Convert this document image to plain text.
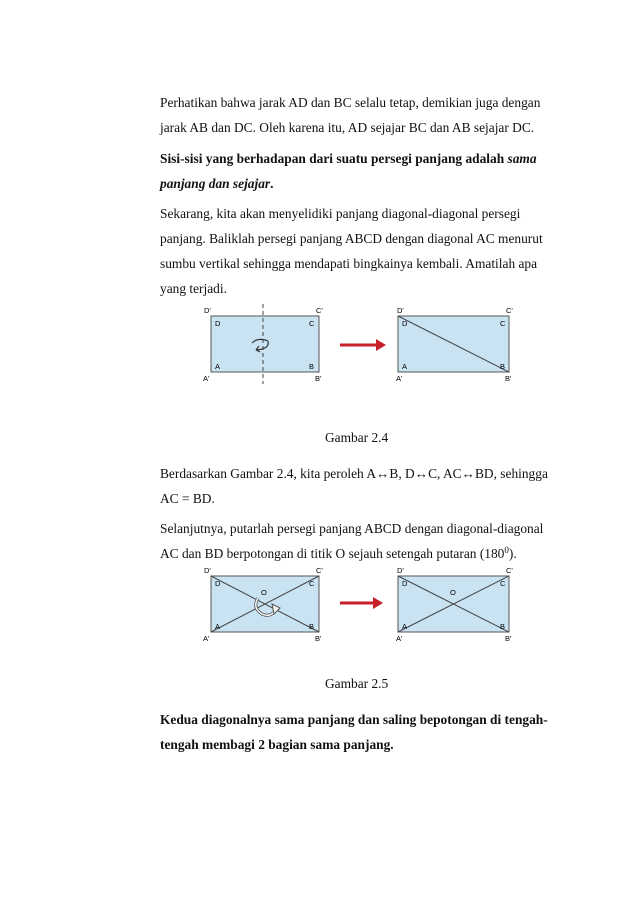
Perhatikan bahwa jarak AD dan BC selalu tetap, demikian juga dengan jarak AB dan DC. Oleh karena itu, AD sejajar BC dan AB sejajar DC.

Sisi-sisi yang berhadapan dari suatu persegi panjang adalah sama panjang dan sejajar.

Sekarang, kita akan menyelidiki panjang diagonal-diagonal persegi panjang. Baliklah persegi panjang ABCD dengan diagonal AC menurut sumbu vertikal sehingga mendapati bingkainya kembali. Amatilah apa yang terjadi.

D'	C'
A'	B'
D	C
A	B
D'	C'
A'	B'
D	C
A	B

Gambar 2.4

Berdasarkan Gambar 2.4, kita peroleh A↔B, D↔C, AC↔BD, sehingga AC = BD.

Selanjutnya, putarlah persegi panjang ABCD dengan diagonal-diagonal AC dan BD berpotongan di titik O sejauh setengah putaran $(180^0)$.

D'	C'
A'	B'
D	C
A	B
O
D'	C'
A'	B'
D	C
A	B
O

Gambar 2.5

Kedua diagonalnya sama panjang dan saling bepotongan di tengah-tengah membagi 2 bagian sama panjang.
